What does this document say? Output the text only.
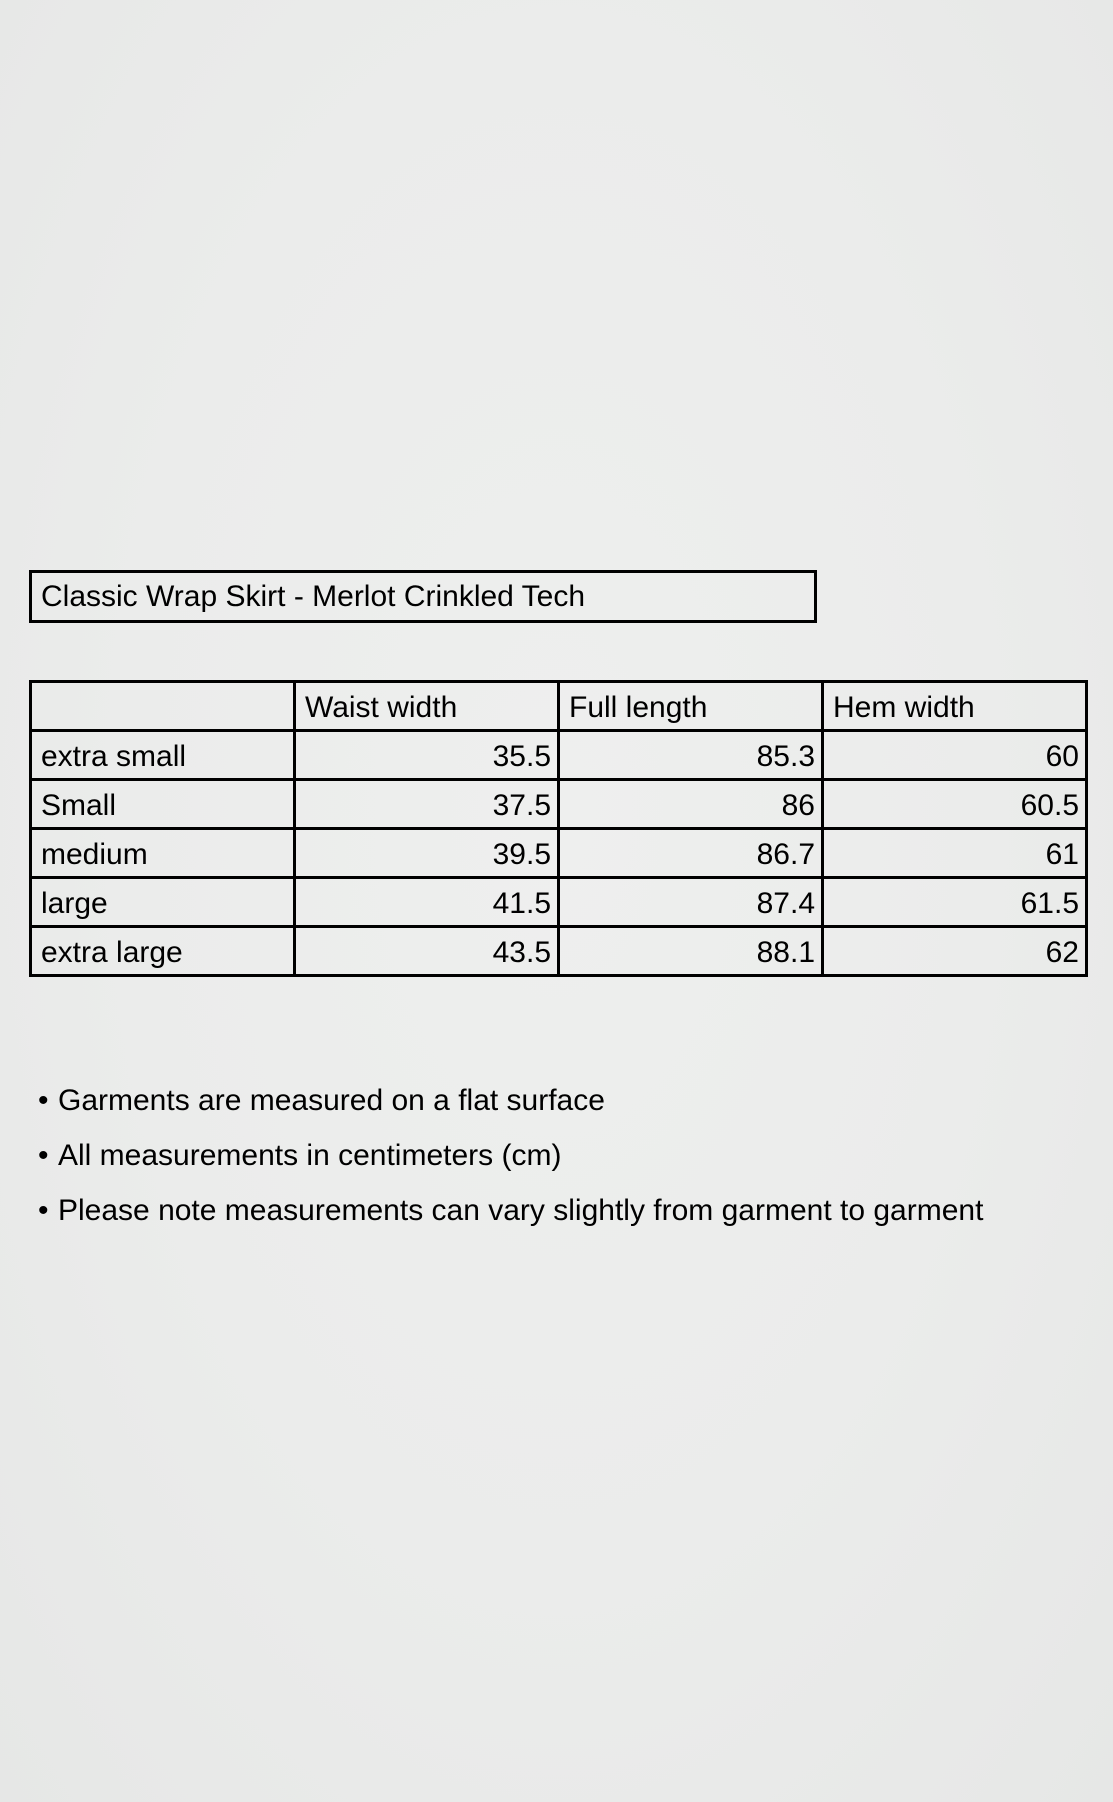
Classic Wrap Skirt - Merlot Crinkled Tech
	Waist width	Full length	Hem width
extra small	35.5	85.3	60
Small	37.5	86	60.5
medium	39.5	86.7	61
large	41.5	87.4	61.5
extra large	43.5	88.1	62
• Garments are measured on a flat surface
• All measurements in centimeters (cm)
• Please note measurements can vary slightly from garment to garment
